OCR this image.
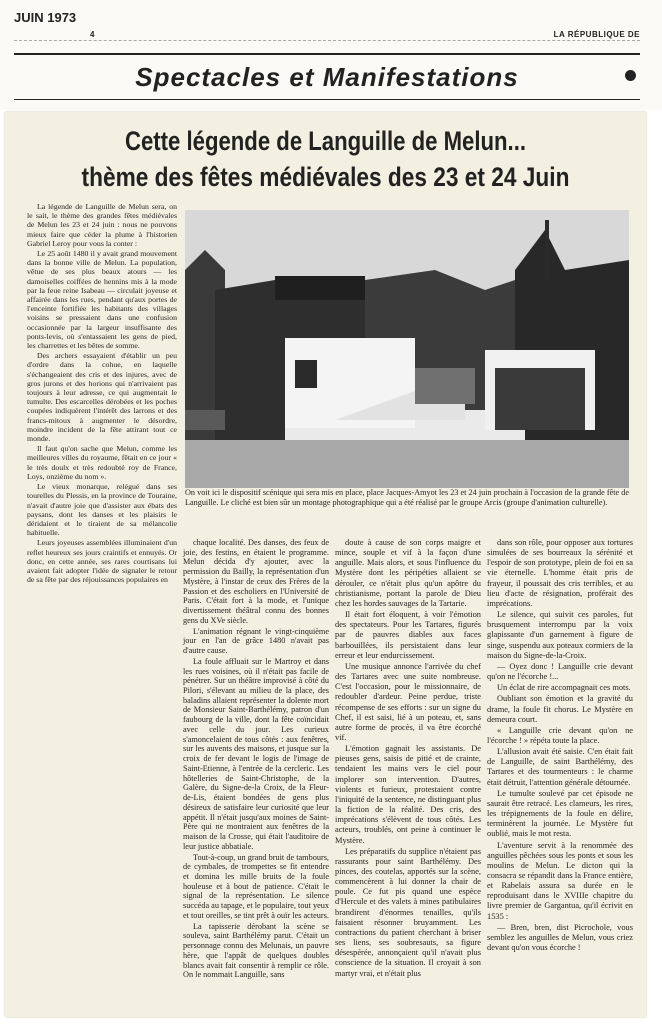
JUIN 1973
4	LA RÉPUBLIQUE DE
Spectacles et Manifestations
Cette légende de Languille de Melun...
thème des fêtes médiévales des 23 et 24 Juin

La légende de Languille de Melun sera, on le sait, le thème des grandes fêtes médiévales de Melun les 23 et 24 juin : nous ne pouvons mieux faire que céder la plume à l'historien Gabriel Leroy pour vous la conter :

Le 25 août 1480 il y avait grand mouvement dans la bonne ville de Melun. La population, vêtue de ses plus beaux atours — les damoiselles coiffées de hennins mis à la mode par la feue reine Isabeau — circulait joyeuse et affairée dans les rues, pendant qu'aux portes de l'enceinte fortifiée les habitants des villages voisins se pressaient dans une confusion occasionnée par la largeur insuffisante des ponts-levis, où s'entassaient les gens de pied, les charrettes et les bêtes de somme.

Des archers essayaient d'établir un peu d'ordre dans la cohue, en laquelle s'échangeaient des cris et des injures, avec de gros jurons et des horions qui n'arrivaient pas toujours à leur adresse, ce qui augmentait le tumulte. Des escarcelles dérobées et les poches coupées indiquèrent l'intérêt des larrons et des francs-mitoux à augmenter le désordre, moindre incident de la fête attirant tout ce monde.

Il faut qu'on sache que Melun, comme les meilleures villes du royaume, fêtait en ce jour « le très doulx et très redoubté roy de France, Loys, onzième du nom ».

Le vieux monarque, relégué dans ses tourelles du Plessis, en la province de Touraine, n'avait d'autre joie que d'assister aux ébats des paysans, dont les danses et les plaisirs le déridaient et le tiraient de sa mélancolie habituelle.

Leurs joyeuses assemblées illuminaient d'un reflet heureux ses jours craintifs et ennuyés. Or donc, en cette année, ses rares courtisans lui avaient fait adopter l'idée de signaler le retour de sa fête par des réjouissances populaires en

On voit ici le dispositif scénique qui sera mis en place, place Jacques-Amyot les 23 et 24 juin prochain à l'occasion de la grande fête de Languille. Le cliché est bien sûr un montage photographique qui a été réalisé par le groupe Arcis (groupe d'animation culturelle).

chaque localité. Des danses, des feux de joie, des festins, en étaient le programme. Melun décida d'y ajouter, avec la permission du Bailly, la représentation d'un Mystère, à l'instar de ceux des Frères de la Passion et des escholiers en l'Université de Paris. C'était fort à la mode, et l'unique divertissement théâtral connu des bonnes gens du XVe siècle.

L'animation régnant le vingt-cinquième jour en l'an de grâce 1480 n'avait pas d'autre cause.

La foule affluait sur le Martroy et dans les rues voisines, où il n'était pas facile de pénétrer. Sur un théâtre improvisé à côté du Pilori, s'élevant au milieu de la place, des baladins allaient représenter la dolente mort de Monsieur Saint-Barthélémy, patron d'un faubourg de la ville, dont la fête coïncidait avec celle du jour. Les curieux s'amoncelaient de tous côtés : aux fenêtres, sur les auvents des maisons, et jusque sur la croix de fer devant le logis de l'image de Saint-Etienne, à l'entrée de la cercleric. Les hôtelleries de Saint-Christophe, de la Galère, du Signe-de-la Croix, de la Fleur-de-Lis, étaient bondées de gens plus désireux de satisfaire leur curiosité que leur appétit. Il n'était jusqu'aux moines de Saint-Père qui ne montraient aux fenêtres de la maison de la Crosse, qui était l'auditoire de leur justice abbatiale.

Tout-à-coup, un grand bruit de tambours, de cymbales, de trompettes se fit entendre et domina les mille bruits de la foule houleuse et à bout de patience. C'était le signal de la représentation. Le silence succéda au tapage, et le populaire, tout yeux et tout oreilles, se tint prêt à ouïr les acteurs.

La tapisserie dérobant la scène se souleva, saint Barthélémy parut. C'était un personnage connu des Melunais, un pauvre hère, que l'appât de quelques doubles blancs avait fait consentir à remplir ce rôle. On le nommait Languille, sans

doute à cause de son corps maigre et mince, souple et vif à la façon d'une anguille. Mais alors, et sous l'influence du Mystère dont les péripéties allaient se dérouler, ce n'était plus qu'un apôtre du christianisme, portant la parole de Dieu chez les hordes sauvages de la Tartarie.

Il était fort éloquent, à voir l'émotion des spectateurs. Pour les Tartares, figurés par de pauvres diables aux faces barbouillées, ils persistaient dans leur erreur et leur endurcissement.

Une musique annonce l'arrivée du chef des Tartares avec une suite nombreuse. C'est l'occasion, pour le missionnaire, de redoubler d'ardeur. Peine perdue, triste récompense de ses efforts : sur un signe du Chef, il est saisi, lié à un poteau, et, sans autre forme de procès, il va être écorché vif.

L'émotion gagnait les assistants. De pieuses gens, saisis de pitié et de crainte, tendaient les mains vers le ciel pour implorer son intervention. D'autres, violents et furieux, protestaient contre l'iniquité de la sentence, ne distinguant plus la fiction de la réalité. Des cris, des imprécations s'élèvent de tous côtés. Les acteurs, troublés, ont peine à continuer le Mystère.

Les préparatifs du supplice n'étaient pas rassurants pour saint Barthélémy. Des pinces, des coutelas, apportés sur la scène, commencèrent à lui donner la chair de poule. Ce fut pis quand une espèce d'Hercule et des valets à mines patibulaires brandirent d'énormes tenailles, qu'ils faisaient résonner bruyamment. Les contractions du patient cherchant à briser ses liens, ses soubresauts, sa figure désespérée, annonçaient qu'il n'avait plus conscience de la situation. Il croyait à son martyr vrai, et n'était plus

dans son rôle, pour opposer aux tortures simulées de ses bourreaux la sérénité et l'espoir de son prototype, plein de foi en sa vie éternelle. L'homme était pris de frayeur, il poussait des cris terribles, et au lieu d'acte de résignation, proférait des imprécations.

Le silence, qui suivit ces paroles, fut brusquement interrompu par la voix glapissante d'un garnement à figure de singe, suspendu aux poteaux cormiers de la maison du Signe-de-la-Croix.

— Oyez donc ! Languille crie devant qu'on ne l'écorche !...

Un éclat de rire accompagnait ces mots.

Oubliant son émotion et la gravité du drame, la foule fit chorus. Le Mystère en demeura court.

« Languille crie devant qu'on ne l'écorche ! » répéta toute la place.

L'allusion avait été saisie. C'en était fait de Languille, de saint Barthélémy, des Tartares et des tourmenteurs : le charme était détruit, l'attention générale détournée.

Le tumulte soulevé par cet épisode ne saurait être retracé. Les clameurs, les rires, les trépignements de la foule en délire, terminèrent la journée. Le Mystère fut oublié, mais le mot resta.

L'aventure servit à la renommée des anguilles pêchées sous les ponts et sous les moulins de Melun. Le dicton qui la consacra se répandit dans la France entière, et Rabelais assura sa durée en le reproduisant dans le XVIIIe chapitre du livre premier de Gargantua, qu'il écrivit en 1535 :

— Bren, bren, dist Picrochole, vous semblez les anguilles de Melun, vous criez devant qu'on vous écorche !
